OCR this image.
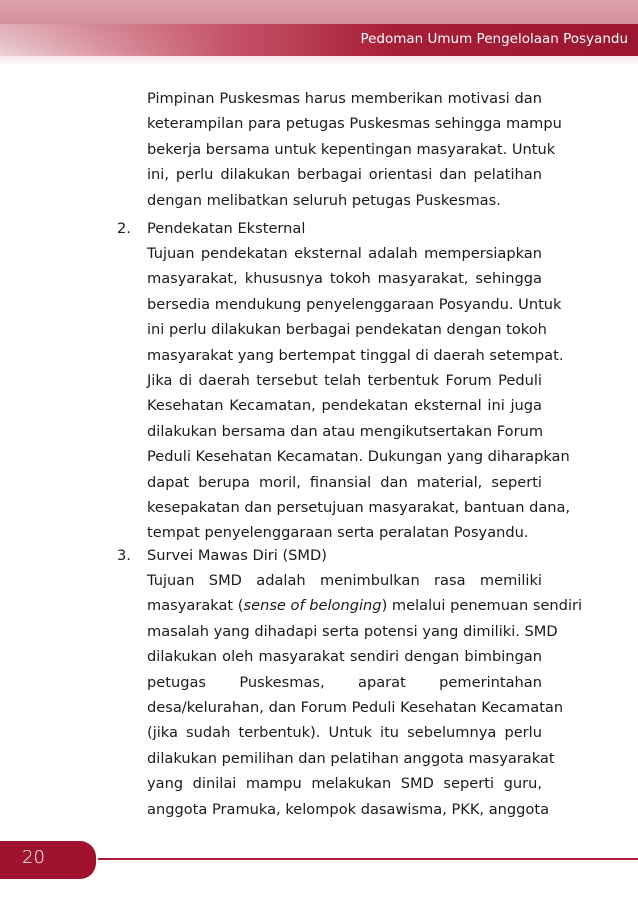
Pedoman Umum Pengelolaan Posyandu
Pimpinan Puskesmas harus memberikan motivasi dan
keterampilan para petugas Puskesmas sehingga mampu
bekerja bersama untuk kepentingan masyarakat. Untuk
ini, perlu dilakukan berbagai orientasi dan pelatihan
dengan melibatkan seluruh petugas Puskesmas.
2. Pendekatan Eksternal
Tujuan pendekatan eksternal adalah mempersiapkan
masyarakat, khususnya tokoh masyarakat, sehingga
bersedia mendukung penyelenggaraan Posyandu. Untuk
ini perlu dilakukan berbagai pendekatan dengan tokoh
masyarakat yang bertempat tinggal di daerah setempat.
Jika di daerah tersebut telah terbentuk Forum Peduli
Kesehatan Kecamatan, pendekatan eksternal ini juga
dilakukan bersama dan atau mengikutsertakan Forum
Peduli Kesehatan Kecamatan. Dukungan yang diharapkan
dapat berupa moril, finansial dan material, seperti
kesepakatan dan persetujuan masyarakat, bantuan dana,
tempat penyelenggaraan serta peralatan Posyandu.
3. Survei Mawas Diri (SMD)
Tujuan SMD adalah menimbulkan rasa memiliki
masyarakat (sense of belonging) melalui penemuan sendiri
masalah yang dihadapi serta potensi yang dimiliki. SMD
dilakukan oleh masyarakat sendiri dengan bimbingan
petugas Puskesmas, aparat pemerintahan
desa/kelurahan, dan Forum Peduli Kesehatan Kecamatan
(jika sudah terbentuk). Untuk itu sebelumnya perlu
dilakukan pemilihan dan pelatihan anggota masyarakat
yang dinilai mampu melakukan SMD seperti guru,
anggota Pramuka, kelompok dasawisma, PKK, anggota
20
